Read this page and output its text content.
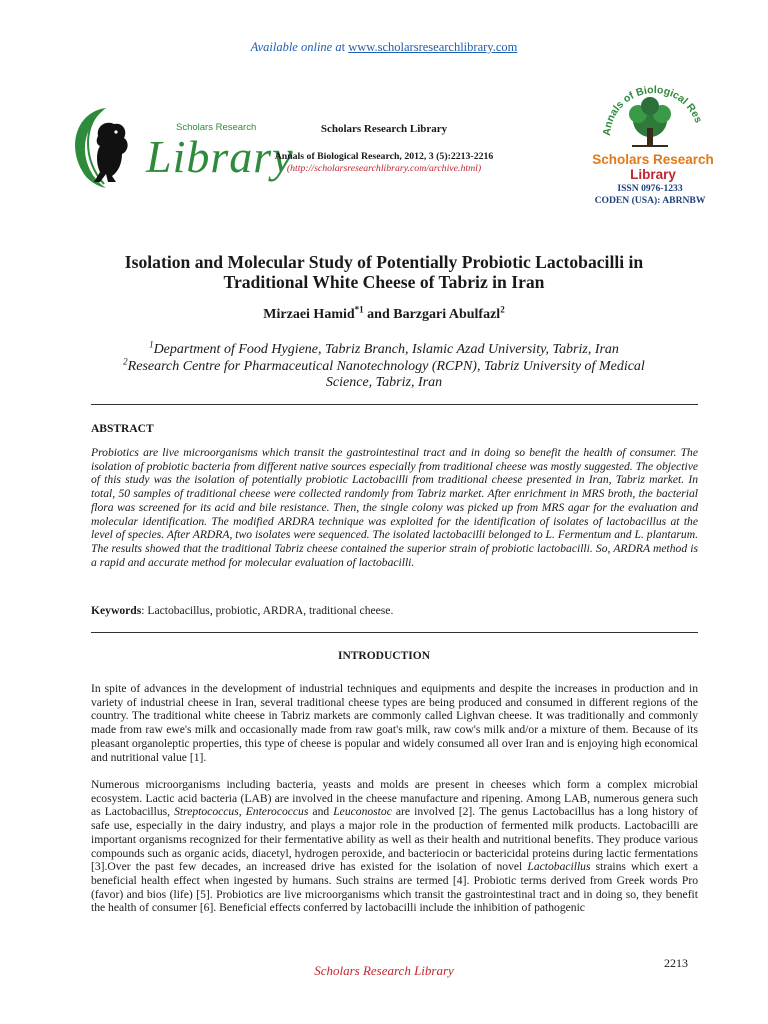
Available online at www.scholarsresearchlibrary.com
Scholars Research
Library
Scholars Research Library
Annals of Biological Research, 2012, 3 (5):2213-2216
(http://scholarsresearchlibrary.com/archive.html)
Annals of Biological Res
Scholars Research
Library
ISSN 0976-1233
CODEN (USA): ABRNBW
Isolation and Molecular Study of Potentially Probiotic Lactobacilli in
Traditional White Cheese of Tabriz in Iran
Mirzaei Hamid$^{*1}$ and Barzgari Abulfazl$^2$
$^1$Department of Food Hygiene, Tabriz Branch, Islamic Azad University, Tabriz, Iran
$^2$Research Centre for Pharmaceutical Nanotechnology (RCPN), Tabriz University of Medical
Science, Tabriz, Iran
ABSTRACT
Probiotics are live microorganisms which transit the gastrointestinal tract and in doing so benefit the health of consumer. The isolation of probiotic bacteria from different native sources especially from traditional cheese was mostly suggested. The objective of this study was the isolation of potentially probiotic Lactobacilli from traditional cheese presented in Iran, Tabriz market. In total, 50 samples of traditional cheese were collected randomly from Tabriz market. After enrichment in MRS broth, the bacterial flora was screened for its acid and bile resistance. Then, the single colony was picked up from MRS agar for the evaluation and molecular identification. The modified ARDRA technique was exploited for the identification of isolates of lactobacillus at the level of species. After ARDRA, two isolates were sequenced. The isolated lactobacilli belonged to L. Fermentum and L. plantarum. The results showed that the traditional Tabriz cheese contained the superior strain of probiotic lactobacilli. So, ARDRA method is a rapid and accurate method for molecular evaluation of lactobacilli.
Keywords: Lactobacillus, probiotic, ARDRA, traditional cheese.
INTRODUCTION
In spite of advances in the development of industrial techniques and equipments and despite the increases in production and in variety of industrial cheese in Iran, several traditional cheese types are being produced and consumed in different regions of the country. The traditional white cheese in Tabriz markets are commonly called Lighvan cheese. It was traditionally and commonly made from raw ewe's milk and occasionally made from raw goat's milk, raw cow's milk and/or a mixture of them. Because of its pleasant organoleptic properties, this type of cheese is popular and widely consumed all over Iran and is enjoying high economical and nutritional value [1].
Numerous microorganisms including bacteria, yeasts and molds are present in cheeses which form a complex microbial ecosystem. Lactic acid bacteria (LAB) are involved in the cheese manufacture and ripening. Among LAB, numerous genera such as Lactobacillus, Streptococcus, Enterococcus and Leuconostoc are involved [2]. The genus Lactobacillus has a long history of safe use, especially in the dairy industry, and plays a major role in the production of fermented milk products. Lactobacilli are important organisms recognized for their fermentative ability as well as their health and nutritional benefits. They produce various compounds such as organic acids, diacetyl, hydrogen peroxide, and bacteriocin or bactericidal proteins during lactic fermentations [3].Over the past few decades, an increased drive has existed for the isolation of novel Lactobacillus strains which exert a beneficial health effect when ingested by humans. Such strains are termed [4]. Probiotic terms derived from Greek words Pro (favor) and bios (life) [5]. Probiotics are live microorganisms which transit the gastrointestinal tract and in doing so, they benefit the health of consumer [6]. Beneficial effects conferred by lactobacilli include the inhibition of pathogenic
2213
Scholars Research Library
